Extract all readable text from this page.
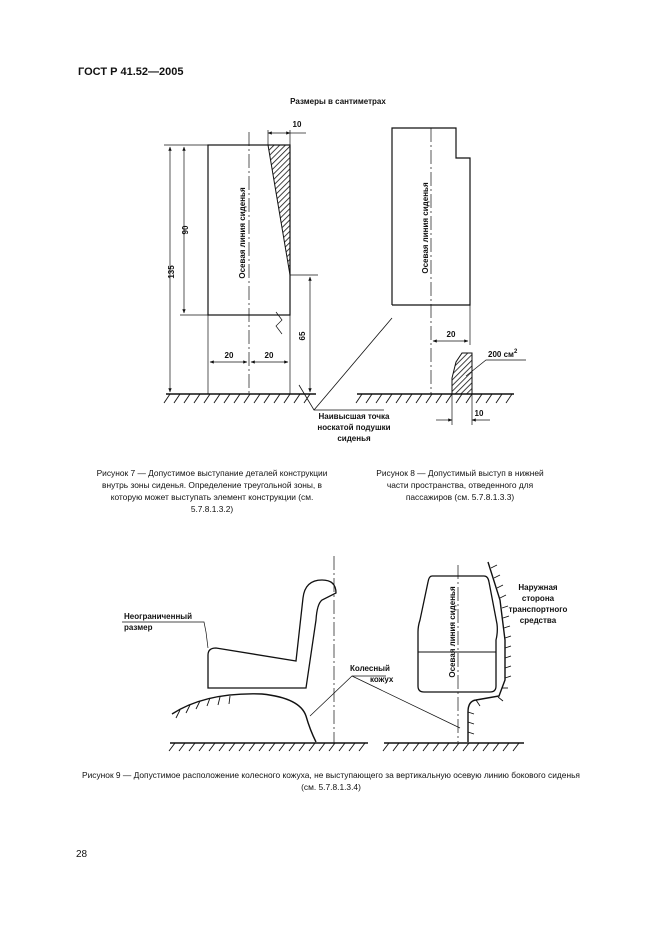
ГОСТ Р 41.52—2005
Размеры в сантиметрах
Осевая линия сиденья
10
90
135
65
20	20
Наивысшая точка
носкатой подушки
сиденья
Осевая линия сиденья
20
10
200 $см^2$
Неограниченный
размер
Колесный
кожух
Осевая линия сиденья	Наружная
сторона
транспортного
средства
Рисунок 7 — Допустимое выступание деталей конструкции внутрь зоны сиденья. Определение треугольной зоны, в которую может выступать элемент конструкции (см. 5.7.8.1.3.2)
Рисунок 8 — Допустимый выступ в нижней части пространства, отведенного для пассажиров (см. 5.7.8.1.3.3)
Рисунок 9 — Допустимое расположение колесного кожуха, не выступающего за вертикальную осевую линию бокового сиденья (см. 5.7.8.1.3.4)
28
